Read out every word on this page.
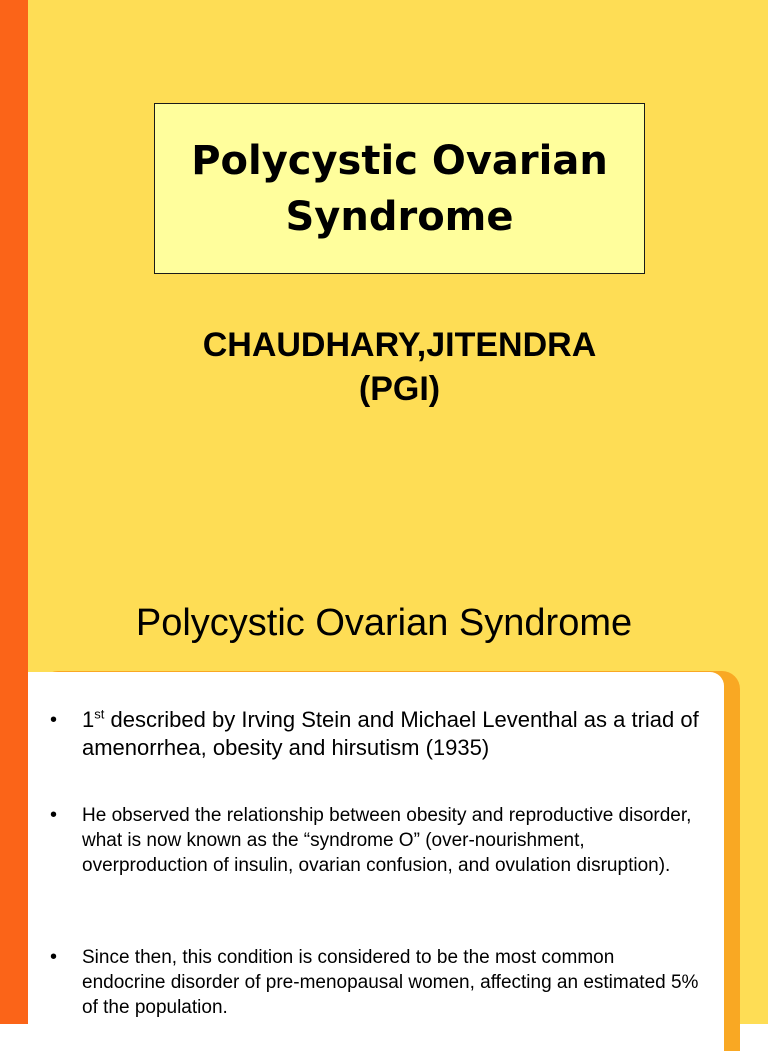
Polycystic Ovarian Syndrome
CHAUDHARY,JITENDRA
(PGI)
Polycystic Ovarian Syndrome
• 1st described by Irving Stein and Michael Leventhal as a triad of amenorrhea, obesity and hirsutism (1935)
• He observed the relationship between obesity and reproductive disorder, what is now known as the “syndrome O” (over-nourishment, overproduction of insulin, ovarian confusion, and ovulation disruption).
• Since then, this condition is considered to be the most common endocrine disorder of pre-menopausal women, affecting an estimated 5% of the population.
